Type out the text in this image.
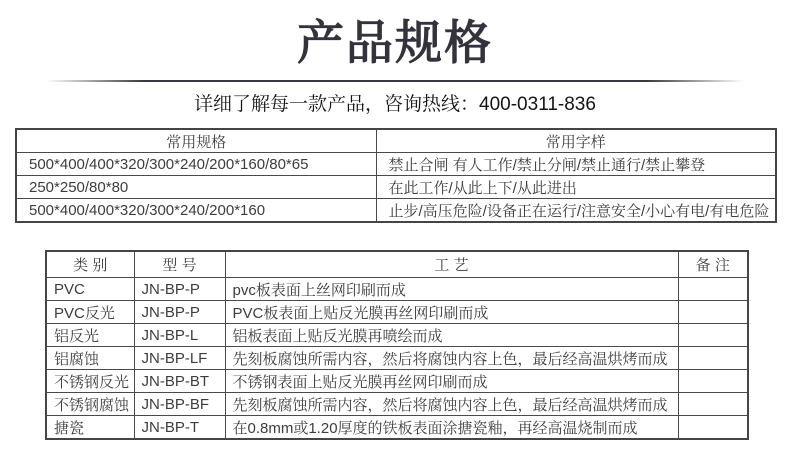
产品规格
详细了解每一款产品，咨询热线：400-0311-836
常用规格	常用字样
500*400/400*320/300*240/200*160/80*65	禁止合闸 有人工作/禁止分闸/禁止通行/禁止攀登
250*250/80*80	在此工作/从此上下/从此进出
500*400/400*320/300*240/200*160	止步/高压危险/设备正在运行/注意安全/小心有电/有电危险
类 别	型 号	工 艺	备 注
PVC	JN-BP-P	pvc板表面上丝网印刷而成	
PVC反光	JN-BP-P	PVC板表面上贴反光膜再丝网印刷而成	
铝反光	JN-BP-L	铝板表面上贴反光膜再喷绘而成	
铝腐蚀	JN-BP-LF	先刻板腐蚀所需内容，然后将腐蚀内容上色，最后经高温烘烤而成	
不锈钢反光	JN-BP-BT	不锈钢表面上贴反光膜再丝网印刷而成	
不锈钢腐蚀	JN-BP-BF	先刻板腐蚀所需内容，然后将腐蚀内容上色，最后经高温烘烤而成	
搪瓷	JN-BP-T	在0.8mm或1.20厚度的铁板表面涂搪瓷釉，再经高温烧制而成	
